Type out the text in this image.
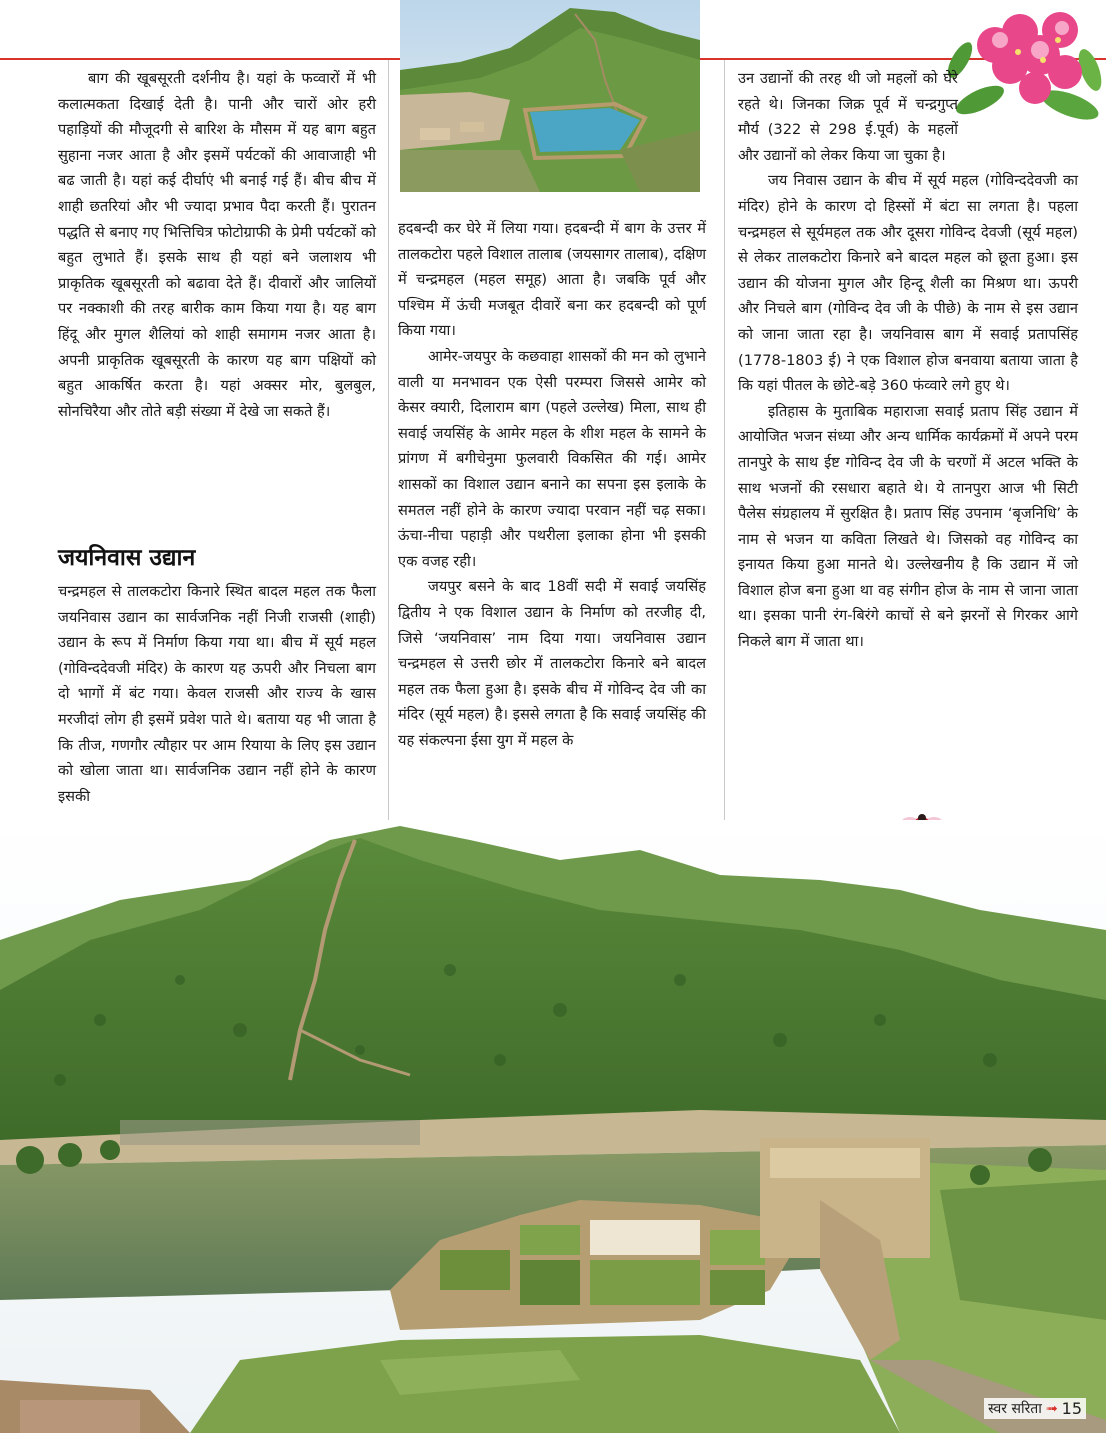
बाग की खूबसूरती दर्शनीय है। यहां के फव्वारों में भी कलात्मकता दिखाई देती है। पानी और चारों ओर हरी पहाड़ियों की मौजूदगी से बारिश के मौसम में यह बाग बहुत सुहाना नजर आता है और इसमें पर्यटकों की आवाजाही भी बढ जाती है। यहां कई दीर्घाएं भी बनाई गई हैं। बीच बीच में शाही छतरियां और भी ज्यादा प्रभाव पैदा करती हैं। पुरातन पद्धति से बनाए गए भित्तिचित्र फोटोग्राफी के प्रेमी पर्यटकों को बहुत लुभाते हैं। इसके साथ ही यहां बने जलाशय भी प्राकृतिक खूबसूरती को बढावा देते हैं। दीवारों और जालियों पर नक्काशी की तरह बारीक काम किया गया है। यह बाग हिंदू और मुगल शैलियां को शाही समागम नजर आता है। अपनी प्राकृतिक खूबसूरती के कारण यह बाग पक्षियों को बहुत आकर्षित करता है। यहां अक्सर मोर, बुलबुल, सोनचिरैया और तोते बड़ी संख्या में देखे जा सकते हैं।

जयनिवास उद्यान

चन्द्रमहल से तालकटोरा किनारे स्थित बादल महल तक फैला जयनिवास उद्यान का सार्वजनिक नहीं निजी राजसी (शाही) उद्यान के रूप में निर्माण किया गया था। बीच में सूर्य महल (गोविन्ददेवजी मंदिर) के कारण यह ऊपरी और निचला बाग दो भागों में बंट गया। केवल राजसी और राज्य के खास मरजीदां लोग ही इसमें प्रवेश पाते थे। बताया यह भी जाता है कि तीज, गणगौर त्यौहार पर आम रियाया के लिए इस उद्यान को खोला जाता था। सार्वजनिक उद्यान नहीं होने के कारण इसकी

हदबन्दी कर घेरे में लिया गया। हदबन्दी में बाग के उत्तर में तालकटोरा पहले विशाल तालाब (जयसागर तालाब), दक्षिण में चन्द्रमहल (महल समूह) आता है। जबकि पूर्व और पश्चिम में ऊंची मजबूत दीवारें बना कर हदबन्दी को पूर्ण किया गया।

आमेर-जयपुर के कछवाहा शासकों की मन को लुभाने वाली या मनभावन एक ऐसी परम्परा जिससे आमेर को केसर क्यारी, दिलाराम बाग (पहले उल्लेख) मिला, साथ ही सवाई जयसिंह के आमेर महल के शीश महल के सामने के प्रांगण में बगीचेनुमा फुलवारी विकसित की गई। आमेर शासकों का विशाल उद्यान बनाने का सपना इस इलाके के समतल नहीं होने के कारण ज्यादा परवान नहीं चढ़ सका। ऊंचा-नीचा पहाड़ी और पथरीला इलाका होना भी इसकी एक वजह रही।

जयपुर बसने के बाद 18वीं सदी में सवाई जयसिंह द्वितीय ने एक विशाल उद्यान के निर्माण को तरजीह दी, जिसे ‘जयनिवास’ नाम दिया गया। जयनिवास उद्यान चन्द्रमहल से उत्तरी छोर में तालकटोरा किनारे बने बादल महल तक फैला हुआ है। इसके बीच में गोविन्द देव जी का मंदिर (सूर्य महल) है। इससे लगता है कि सवाई जयसिंह की यह संकल्पना ईसा युग में महल के

उन उद्यानों की तरह थी जो महलों को घेरे रहते थे। जिनका जिक्र पूर्व में चन्द्रगुप्त मौर्य (322 से 298 ई.पूर्व) के महलों और उद्यानों को लेकर किया जा चुका है।

जय निवास उद्यान के बीच में सूर्य महल (गोविन्ददेवजी का मंदिर) होने के कारण दो हिस्सों में बंटा सा लगता है। पहला चन्द्रमहल से सूर्यमहल तक और दूसरा गोविन्द देवजी (सूर्य महल) से लेकर तालकटोरा किनारे बने बादल महल को छूता हुआ। इस उद्यान की योजना मुगल और हिन्दू शैली का मिश्रण था। ऊपरी और निचले बाग (गोविन्द देव जी के पीछे) के नाम से इस उद्यान को जाना जाता रहा है। जयनिवास बाग में सवाई प्रतापसिंह (1778-1803 ई) ने एक विशाल होज बनवाया बताया जाता है कि यहां पीतल के छोटे-बड़े 360 फंव्वारे लगे हुए थे।

इतिहास के मुताबिक महाराजा सवाई प्रताप सिंह उद्यान में आयोजित भजन संध्या और अन्य धार्मिक कार्यक्रमों में अपने परम तानपुरे के साथ ईष्ट गोविन्द देव जी के चरणों में अटल भक्ति के साथ भजनों की रसधारा बहाते थे। ये तानपुरा आज भी सिटी पैलेस संग्रहालय में सुरक्षित है। प्रताप सिंह उपनाम ‘बृजनिधि’ के नाम से भजन या कविता लिखते थे। जिसको वह गोविन्द का इनायत किया हुआ मानते थे। उल्लेखनीय है कि उद्यान में जो विशाल होज बना हुआ था वह संगीन होज के नाम से जाना जाता था। इसका पानी रंग-बिरंगे काचों से बने झरनों से गिरकर आगे निकले बाग में जाता था।

स्वर सरिता ➟ 15
